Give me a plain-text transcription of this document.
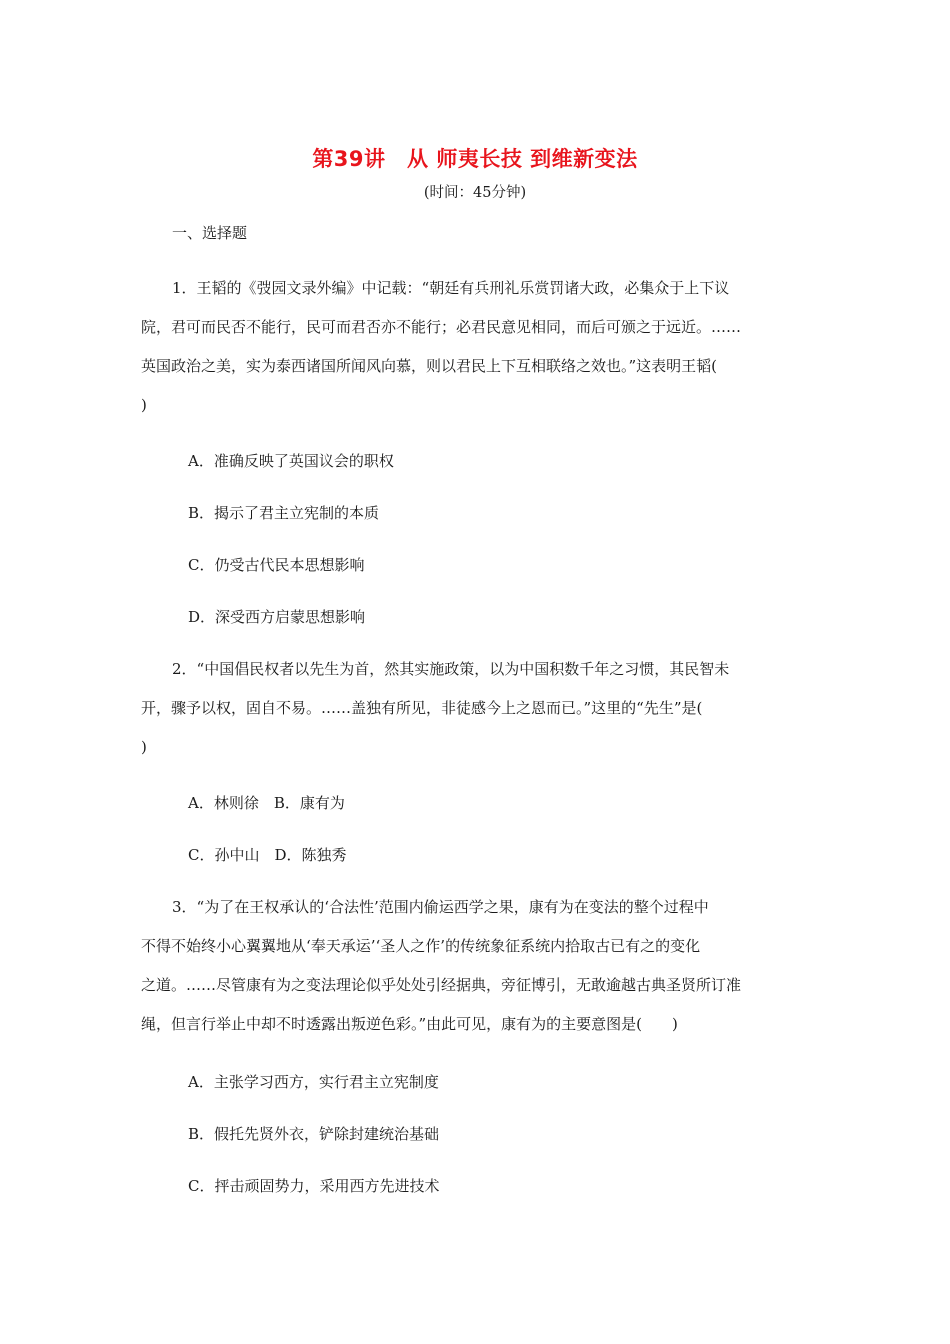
第39讲　从 师夷长技 到维新变法
(时间：45分钟)
一、选择题
1．王韬的《弢园文录外编》中记载：“朝廷有兵刑礼乐赏罚诸大政，必集众于上下议
院，君可而民否不能行，民可而君否亦不能行；必君民意见相同，而后可颁之于远近。……
英国政治之美，实为泰西诸国所闻风向慕，则以君民上下互相联络之效也。”这表明王韬(
)
A．准确反映了英国议会的职权
B．揭示了君主立宪制的本质
C．仍受古代民本思想影响
D．深受西方启蒙思想影响
2．“中国倡民权者以先生为首，然其实施政策，以为中国积数千年之习惯，其民智未
开，骤予以权，固自不易。……盖独有所见，非徒感今上之恩而已。”这里的“先生”是(
)
A．林则徐　B．康有为
C．孙中山　D．陈独秀
3．“为了在王权承认的‘合法性’范围内偷运西学之果，康有为在变法的整个过程中
不得不始终小心翼翼地从‘奉天承运’‘圣人之作’的传统象征系统内拾取古已有之的变化
之道。……尽管康有为之变法理论似乎处处引经据典，旁征博引，无敢逾越古典圣贤所订准
绳，但言行举止中却不时透露出叛逆色彩。”由此可见，康有为的主要意图是(　　)
A．主张学习西方，实行君主立宪制度
B．假托先贤外衣，铲除封建统治基础
C．抨击顽固势力，采用西方先进技术
